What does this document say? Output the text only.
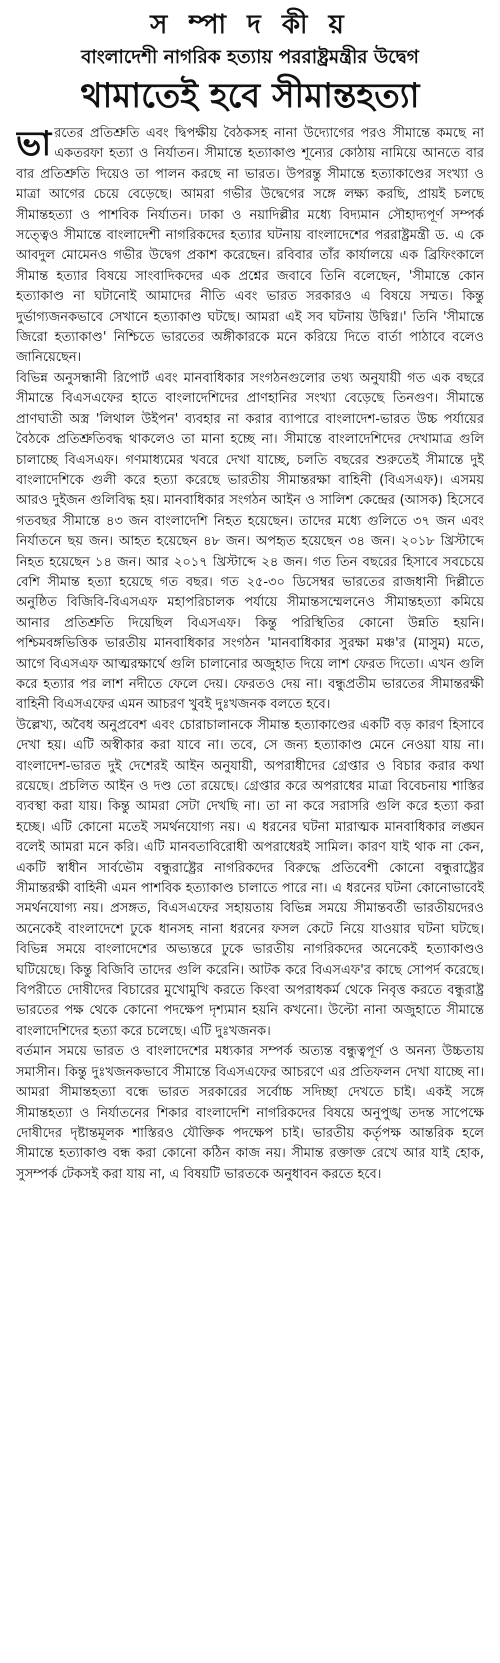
স ম্পা দ কী য়
বাংলাদেশী নাগরিক হত্যায় পররাষ্ট্রমন্ত্রীর উদ্বেগ
থামাতেই হবে সীমান্তহত্যা

ভারতের প্রতিশ্রুতি এবং দ্বিপক্ষীয় বৈঠকসহ নানা উদ্যোগের পরও সীমান্তে কমছে না একতরফা হত্যা ও নির্যাতন। সীমান্তে হত্যাকাণ্ড শূন্যের কোঠায় নামিয়ে আনতে বার বার প্রতিশ্রুতি দিয়েও তা পালন করছে না ভারত। উপরন্তু সীমান্তে হত্যাকাণ্ডের সংখ্যা ও মাত্রা আগের চেয়ে বেড়েছে। আমরা গভীর উদ্বেগের সঙ্গে লক্ষ্য করছি, প্রায়ই চলছে সীমান্তহত্যা ও পাশবিক নির্যাতন। ঢাকা ও নয়াদিল্লীর মধ্যে বিদ্যমান সৌহাদ্যপূর্ণ সম্পর্ক সত্ত্বেও সীমান্তে বাংলাদেশী নাগরিকদের হত্যার ঘটনায় বাংলাদেশের পররাষ্ট্রমন্ত্রী ড. এ কে আবদুল মোমেনও গভীর উদ্বেগ প্রকাশ করেছেন। রবিবার তাঁর কার্যালয়ে এক ব্রিফিংকালে সীমান্ত হত্যার বিষয়ে সাংবাদিকদের এক প্রশ্নের জবাবে তিনি বলেছেন, 'সীমান্তে কোন হত্যাকাণ্ড না ঘটানোই আমাদের নীতি এবং ভারত সরকারও এ বিষয়ে সম্মত। কিন্তু দুর্ভাগ্যজনকভাবে সেখানে হত্যাকাণ্ড ঘটছে। আমরা এই সব ঘটনায় উদ্বিগ্ন।' তিনি 'সীমান্তে জিরো হত্যাকাণ্ড' নিশ্চিতে ভারতের অঙ্গীকারকে মনে করিয়ে দিতে বার্তা পাঠাবে বলেও জানিয়েছেন।

বিভিন্ন অনুসন্ধানী রিপোর্ট এবং মানবাধিকার সংগঠনগুলোর তথ্য অনুযায়ী গত এক বছরে সীমান্তে বিএসএফের হাতে বাংলাদেশিদের প্রাণহানির সংখ্যা বেড়েছে তিনগুণ। সীমান্তে প্রাণঘাতী অস্ত্র 'লিথাল উইপন' ব্যবহার না করার ব্যাপারে বাংলাদেশ-ভারত উচ্চ পর্যায়ের বৈঠকে প্রতিশ্রুতিবদ্ধ থাকলেও তা মানা হচ্ছে না। সীমান্তে বাংলাদেশিদের দেখামাত্র গুলি চালাচ্ছে বিএসএফ। গণমাধ্যমের খবরে দেখা যাচ্ছে, চলতি বছরের শুরুতেই সীমান্তে দুই বাংলাদেশিকে গুলী করে হত্যা করেছে ভারতীয় সীমান্তরক্ষা বাহিনী (বিএসএফ)। এসময় আরও দুইজন গুলিবিদ্ধ হয়। মানবাধিকার সংগঠন আইন ও সালিশ কেন্দ্রের (আসক) হিসেবে গতবছর সীমান্তে ৪৩ জন বাংলাদেশি নিহত হয়েছেন। তাদের মধ্যে গুলিতে ৩৭ জন এবং নির্যাতনে ছয় জন। আহত হয়েছেন ৪৮ জন। অপহৃত হয়েছেন ৩৪ জন। ২০১৮ খ্রিস্টাব্দে নিহত হয়েছেন ১৪ জন। আর ২০১৭ খ্রিস্টাব্দে ২৪ জন। গত তিন বছরের হিসাবে সবচেয়ে বেশি সীমান্ত হত্যা হয়েছে গত বছর। গত ২৫-৩০ ডিসেম্বর ভারতের রাজধানী দিল্লীতে অনুষ্ঠিত বিজিবি-বিএসএফ মহাপরিচালক পর্যায়ে সীমান্তসম্মেলনেও সীমান্তহত্যা কমিয়ে আনার প্রতিশ্রুতি দিয়েছিল বিএসএফ। কিন্তু পরিস্থিতির কোনো উন্নতি হয়নি। পশ্চিমবঙ্গভিত্তিক ভারতীয় মানবাধিকার সংগঠন 'মানবাধিকার সুরক্ষা মঞ্চ'র (মাসুম) মতে, আগে বিএসএফ আত্মরক্ষার্থে গুলি চালানোর অজুহাত দিয়ে লাশ ফেরত দিতো। এখন গুলি করে হত্যার পর লাশ নদীতে ফেলে দেয়। ফেরতও দেয় না। বন্ধুপ্রতীম ভারতের সীমান্তরক্ষী বাহিনী বিএসএফের এমন আচরণ খুবই দুঃখজনক বলতে হবে।

উল্লেখ্য, অবৈধ অনুপ্রবেশ এবং চোরাচালানকে সীমান্ত হত্যাকাণ্ডের একটি বড় কারণ হিসাবে দেখা হয়। এটি অস্বীকার করা যাবে না। তবে, সে জন্য হত্যাকাণ্ড মেনে নেওয়া যায় না। বাংলাদেশ-ভারত দুই দেশেরই আইন অনুযায়ী, অপরাধীদের গ্রেপ্তার ও বিচার করার কথা রয়েছে। প্রচলিত আইন ও দণ্ড তো রয়েছে। গ্রেপ্তার করে অপরাধের মাত্রা বিবেচনায় শাস্তির ব্যবস্থা করা যায়। কিন্তু আমরা সেটা দেখছি না। তা না করে সরাসরি গুলি করে হত্যা করা হচ্ছে। এটি কোনো মতেই সমর্থনযোগ্য নয়। এ ধরনের ঘটনা মারাত্মক মানবাধিকার লঙ্ঘন বলেই আমরা মনে করি। এটি মানবতাবিরোধী অপরাধেরই সামিল। কারণ যাই থাক না কেন, একটি স্বাধীন সার্বভৌম বন্ধুরাষ্ট্রের নাগরিকদের বিরুদ্ধে প্রতিবেশী কোনো বন্ধুরাষ্ট্রের সীমান্তরক্ষী বাহিনী এমন পাশবিক হত্যাকাণ্ড চালাতে পারে না। এ ধরনের ঘটনা কোনোভাবেই সমর্থনযোগ্য নয়। প্রসঙ্গত, বিএসএফের সহায়তায় বিভিন্ন সময়ে সীমান্তবর্তী ভারতীয়দেরও অনেকেই বাংলাদেশে ঢুকে ধানসহ নানা ধরনের ফসল কেটে নিয়ে যাওয়ার ঘটনা ঘটছে। বিভিন্ন সময়ে বাংলাদেশের অভ্যন্তরে ঢুকে ভারতীয় নাগরিকদের অনেকেই হত্যাকাণ্ডও ঘটিয়েছে। কিন্তু বিজিবি তাদের গুলি করেনি। আটক করে বিএসএফ'র কাছে সোপর্দ করেছে। বিপরীতে দোষীদের বিচারের মুখোমুখি করতে কিংবা অপরাধকর্ম থেকে নিবৃত্ত করতে বন্ধুরাষ্ট্র ভারতের পক্ষ থেকে কোনো পদক্ষেপ দৃশ্যমান হয়নি কখনো। উল্টো নানা অজুহাতে সীমান্তে বাংলাদেশিদের হত্যা করে চলেছে। এটি দুঃখজনক।

বর্তমান সময়ে ভারত ও বাংলাদেশের মধ্যকার সম্পর্ক অত্যন্ত বন্ধুত্বপূর্ণ ও অনন্য উচ্চতায় সমাসীন। কিন্তু দুঃখজনকভাবে সীমান্তে বিএসএফের আচরণে এর প্রতিফলন দেখা যাচ্ছে না। আমরা সীমান্তহত্যা বন্ধে ভারত সরকারের সর্বোচ্চ সদিচ্ছা দেখতে চাই। একই সঙ্গে সীমান্তহত্যা ও নির্যাতনের শিকার বাংলাদেশি নাগরিকদের বিষয়ে অনুপুঙ্খ তদন্ত সাপেক্ষে দোষীদের দৃষ্টান্তমূলক শাস্তিরও যৌক্তিক পদক্ষেপ চাই। ভারতীয় কর্তৃপক্ষ আন্তরিক হলে সীমান্তে হত্যাকাণ্ড বন্ধ করা কোনো কঠিন কাজ নয়। সীমান্ত রক্তাক্ত রেখে আর যাই হোক, সুসম্পর্ক টেকসই করা যায় না, এ বিষয়টি ভারতকে অনুধাবন করতে হবে।
